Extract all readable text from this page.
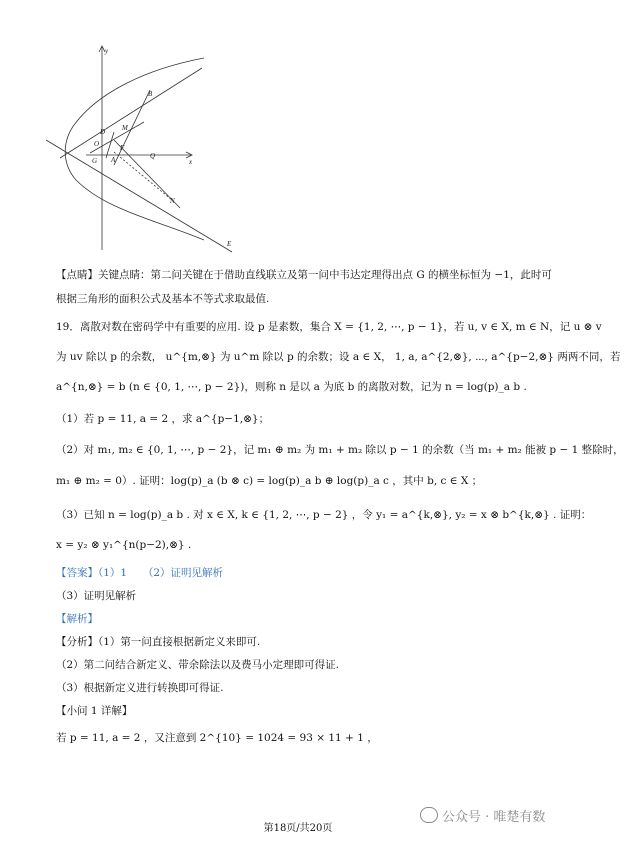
y
x
B
D M
O	F
Q
G A
N
E
【点睛】关键点睛：第二问关键在于借助直线联立及第一问中韦达定理得出点 G 的横坐标恒为 −1，此时可
根据三角形的面积公式及基本不等式求取最值.
19．离散对数在密码学中有重要的应用. 设 p 是素数，集合 X = {1, 2, ⋯, p − 1}，若 u, v ∈ X, m ∈ N，记 u ⊗ v
为 uv 除以 p 的余数， u^{m,⊗} 为 u^m 除以 p 的余数；设 a ∈ X， 1, a, a^{2,⊗}, ⋯, a^{p−2,⊗} 两两不同，若
a^{n,⊗} = b (n ∈ {0, 1, ⋯, p − 2})，则称 n 是以 a 为底 b 的离散对数，记为 n = log(p)_a b .
（1）若 p = 11, a = 2 ，求 a^{p−1,⊗}；
（2）对 m₁, m₂ ∈ {0, 1, ⋯, p − 2}，记 m₁ ⊕ m₂ 为 m₁ + m₂ 除以 p − 1 的余数（当 m₁ + m₂ 能被 p − 1 整除时，
m₁ ⊕ m₂ = 0）. 证明：log(p)_a (b ⊗ c) = log(p)_a b ⊕ log(p)_a c ，其中 b, c ∈ X ；
（3）已知 n = log(p)_a b . 对 x ∈ X, k ∈ {1, 2, ⋯, p − 2} ，令 y₁ = a^{k,⊗}, y₂ = x ⊗ b^{k,⊗} . 证明：
x = y₂ ⊗ y₁^{n(p−2),⊗} .
【答案】（1）1　　（2）证明见解析
（3）证明见解析
【解析】
【分析】（1）第一问直接根据新定义来即可.
（2）第二问结合新定义、带余除法以及费马小定理即可得证.
（3）根据新定义进行转换即可得证.
【小问 1 详解】
若 p = 11, a = 2 ，又注意到 2^{10} = 1024 = 93 × 11 + 1 ，
公众号 · 唯楚有数
第18页/共20页
